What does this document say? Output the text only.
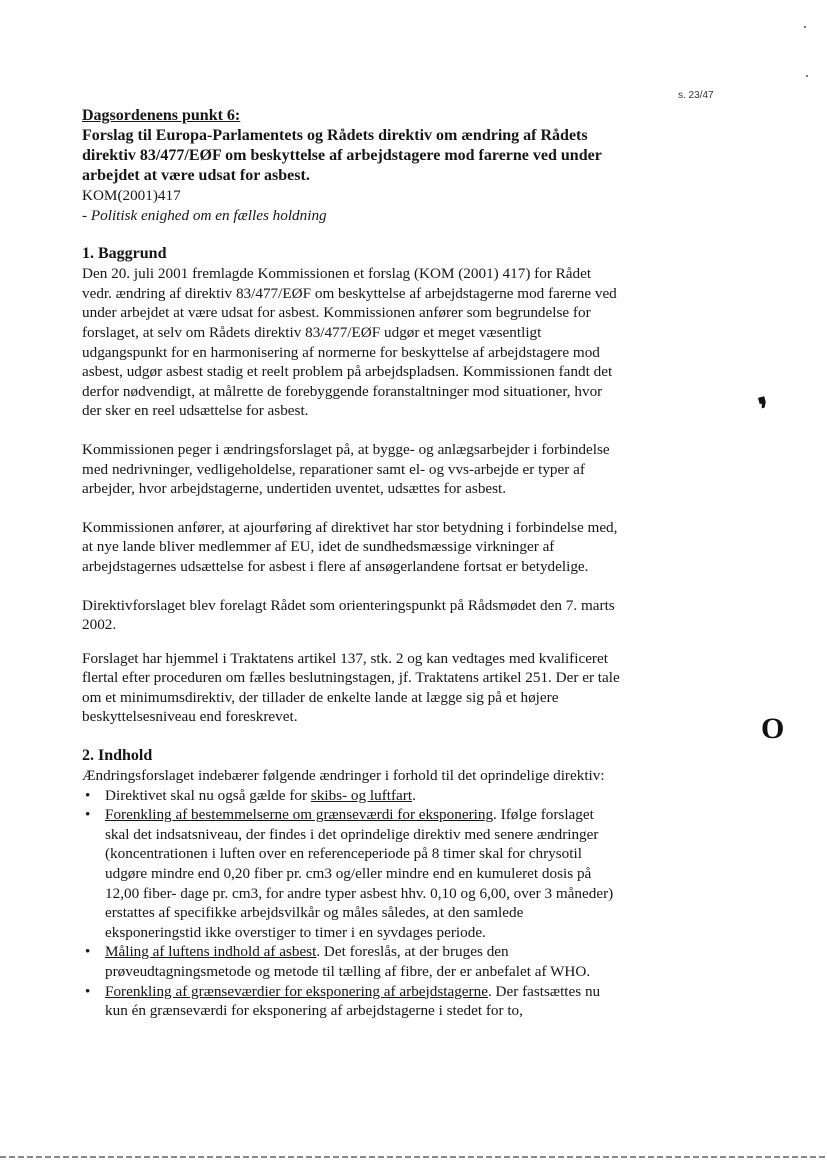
s. 23/47
Dagsordenens punkt 6:
Forslag til Europa-Parlamentets og Rådets direktiv om ændring af Rådets direktiv 83/477/EØF om beskyttelse af arbejdstagere mod farerne ved under arbejdet at være udsat for asbest.
KOM(2001)417
- Politisk enighed om en fælles holdning
1. Baggrund

Den 20. juli 2001 fremlagde Kommissionen et forslag (KOM (2001) 417) for Rådet vedr. ændring af direktiv 83/477/EØF om beskyttelse af arbejdstagerne mod farerne ved under arbejdet at være udsat for asbest. Kommissionen anfører som begrundelse for forslaget, at selv om Rådets direktiv 83/477/EØF udgør et meget væsentligt udgangspunkt for en harmonisering af normerne for beskyttelse af arbejdstagere mod asbest, udgør asbest stadig et reelt problem på arbejdspladsen. Kommissionen fandt det derfor nødvendigt, at målrette de forebyggende foranstaltninger mod situationer, hvor der sker en reel udsættelse for asbest.

Kommissionen peger i ændringsforslaget på, at bygge- og anlægsarbejder i forbindelse med nedrivninger, vedligeholdelse, reparationer samt el- og vvs-arbejde er typer af arbejder, hvor arbejdstagerne, undertiden uventet, udsættes for asbest.

Kommissionen anfører, at ajourføring af direktivet har stor betydning i forbindelse med, at nye lande bliver medlemmer af EU, idet de sundhedsmæssige virkninger af arbejdstagernes udsættelse for asbest i flere af ansøgerlandene fortsat er betydelige.

Direktivforslaget blev forelagt Rådet som orienteringspunkt på Rådsmødet den 7. marts 2002.

Forslaget har hjemmel i Traktatens artikel 137, stk. 2 og kan vedtages med kvalificeret flertal efter proceduren om fælles beslutningstagen, jf. Traktatens artikel 251. Der er tale om et minimumsdirektiv, der tillader de enkelte lande at lægge sig på et højere beskyttelsesniveau end foreskrevet.

2. Indhold

Ændringsforslaget indebærer følgende ændringer i forhold til det oprindelige direktiv:

• Direktivet skal nu også gælde for skibs- og luftfart.
• Forenkling af bestemmelserne om grænseværdi for eksponering. Ifølge forslaget skal det indsatsniveau, der findes i det oprindelige direktiv med senere ændringer (koncentrationen i luften over en referenceperiode på 8 timer skal for chrysotil udgøre mindre end 0,20 fiber pr. cm3 og/eller mindre end en kumuleret dosis på 12,00 fiber- dage pr. cm3, for andre typer asbest hhv. 0,10 og 6,00, over 3 måneder) erstattes af specifikke arbejdsvilkår og måles således, at den samlede eksponeringstid ikke overstiger to timer i en syvdages periode.
• Måling af luftens indhold af asbest. Det foreslås, at der bruges den prøveudtagningsmetode og metode til tælling af fibre, der er anbefalet af WHO.
• Forenkling af grænseværdier for eksponering af arbejdstagerne. Der fastsættes nu kun én grænseværdi for eksponering af arbejdstagerne i stedet for to,
❜
O
